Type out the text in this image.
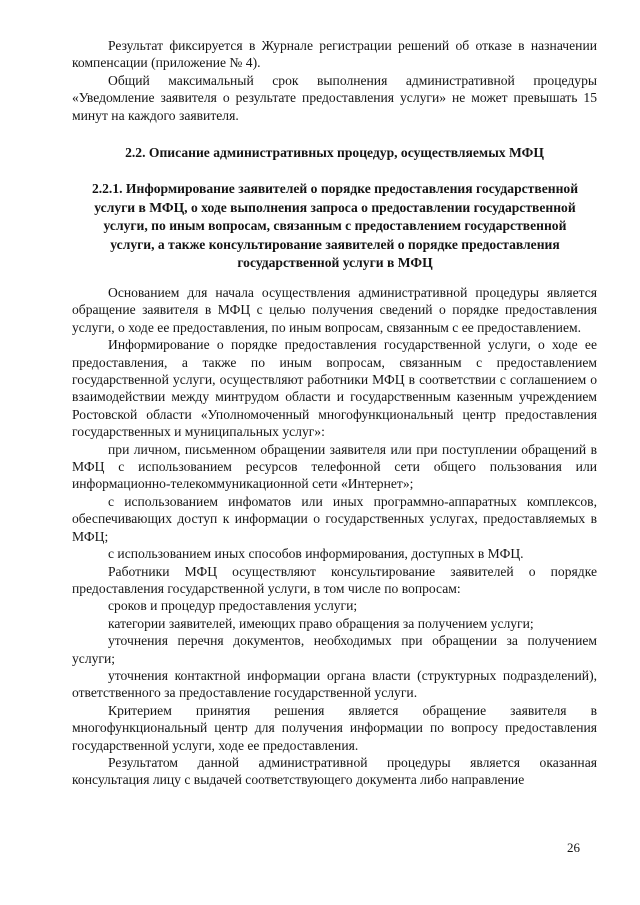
Результат фиксируется в Журнале регистрации решений об отказе в назначении компенсации (приложение № 4).

Общий максимальный срок выполнения административной процедуры «Уведомление заявителя о результате предоставления услуги» не может превышать 15 минут на каждого заявителя.

2.2. Описание административных процедур, осуществляемых МФЦ

2.2.1. Информирование заявителей о порядке предоставления государственной услуги в МФЦ, о ходе выполнения запроса о предоставлении государственной услуги, по иным вопросам, связанным с предоставлением государственной услуги, а также консультирование заявителей о порядке предоставления государственной услуги в МФЦ

Основанием для начала осуществления административной процедуры является обращение заявителя в МФЦ с целью получения сведений о порядке предоставления услуги, о ходе ее предоставления, по иным вопросам, связанным с ее предоставлением.

Информирование о порядке предоставления государственной услуги, о ходе ее предоставления, а также по иным вопросам, связанным с предоставлением государственной услуги, осуществляют работники МФЦ в соответствии с соглашением о взаимодействии между минтрудом области и государственным казенным учреждением Ростовской области «Уполномоченный многофункциональный центр предоставления государственных и муниципальных услуг»:

при личном, письменном обращении заявителя или при поступлении обращений в МФЦ с использованием ресурсов телефонной сети общего пользования или информационно-телекоммуникационной сети «Интернет»;

с использованием инфоматов или иных программно-аппаратных комплексов, обеспечивающих доступ к информации о государственных услугах, предоставляемых в МФЦ;

с использованием иных способов информирования, доступных в МФЦ.

Работники МФЦ осуществляют консультирование заявителей о порядке предоставления государственной услуги, в том числе по вопросам:

сроков и процедур предоставления услуги;

категории заявителей, имеющих право обращения за получением услуги;

уточнения перечня документов, необходимых при обращении за получением услуги;

уточнения контактной информации органа власти (структурных подразделений), ответственного за предоставление государственной услуги.

Критерием принятия решения является обращение заявителя в многофункциональный центр для получения информации по вопросу предоставления государственной услуги, ходе ее предоставления.

Результатом данной административной процедуры является оказанная консультация лицу с выдачей соответствующего документа либо направление

26
